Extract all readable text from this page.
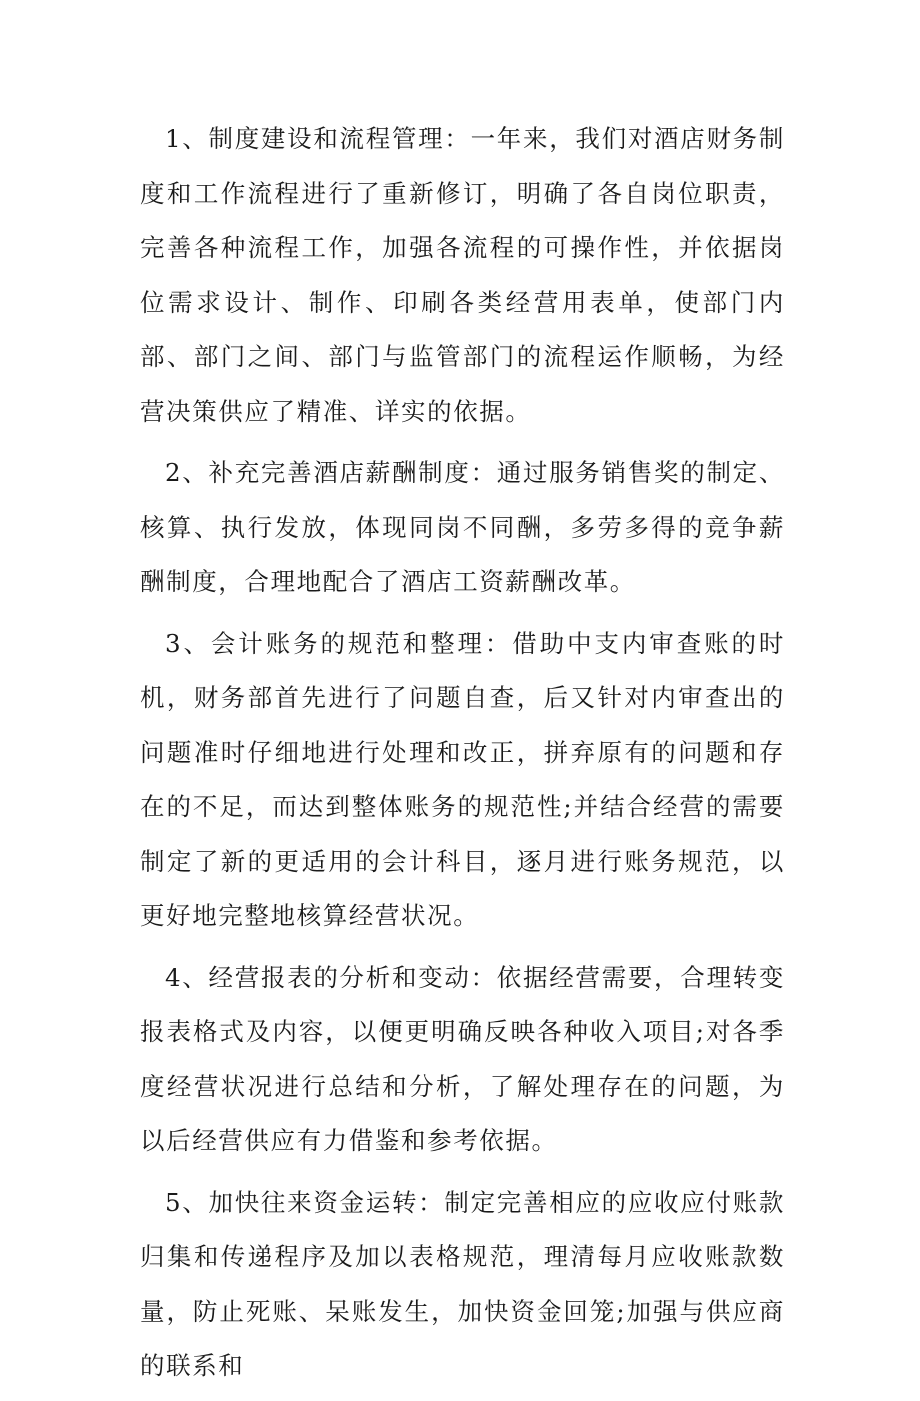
1、制度建设和流程管理：一年来，我们对酒店财务制度和工作流程进行了重新修订，明确了各自岗位职责，完善各种流程工作，加强各流程的可操作性，并依据岗位需求设计、制作、印刷各类经营用表单，使部门内部、部门之间、部门与监管部门的流程运作顺畅，为经营决策供应了精准、详实的依据。

2、补充完善酒店薪酬制度：通过服务销售奖的制定、核算、执行发放，体现同岗不同酬，多劳多得的竞争薪酬制度，合理地配合了酒店工资薪酬改革。

3、会计账务的规范和整理：借助中支内审查账的时机，财务部首先进行了问题自查，后又针对内审查出的问题准时仔细地进行处理和改正，拼弃原有的问题和存在的不足，而达到整体账务的规范性;并结合经营的需要制定了新的更适用的会计科目，逐月进行账务规范，以更好地完整地核算经营状况。

4、经营报表的分析和变动：依据经营需要，合理转变报表格式及内容，以便更明确反映各种收入项目;对各季度经营状况进行总结和分析，了解处理存在的问题，为以后经营供应有力借鉴和参考依据。

5、加快往来资金运转：制定完善相应的应收应付账款归集和传递程序及加以表格规范，理清每月应收账款数量，防止死账、呆账发生，加快资金回笼;加强与供应商的联系和
